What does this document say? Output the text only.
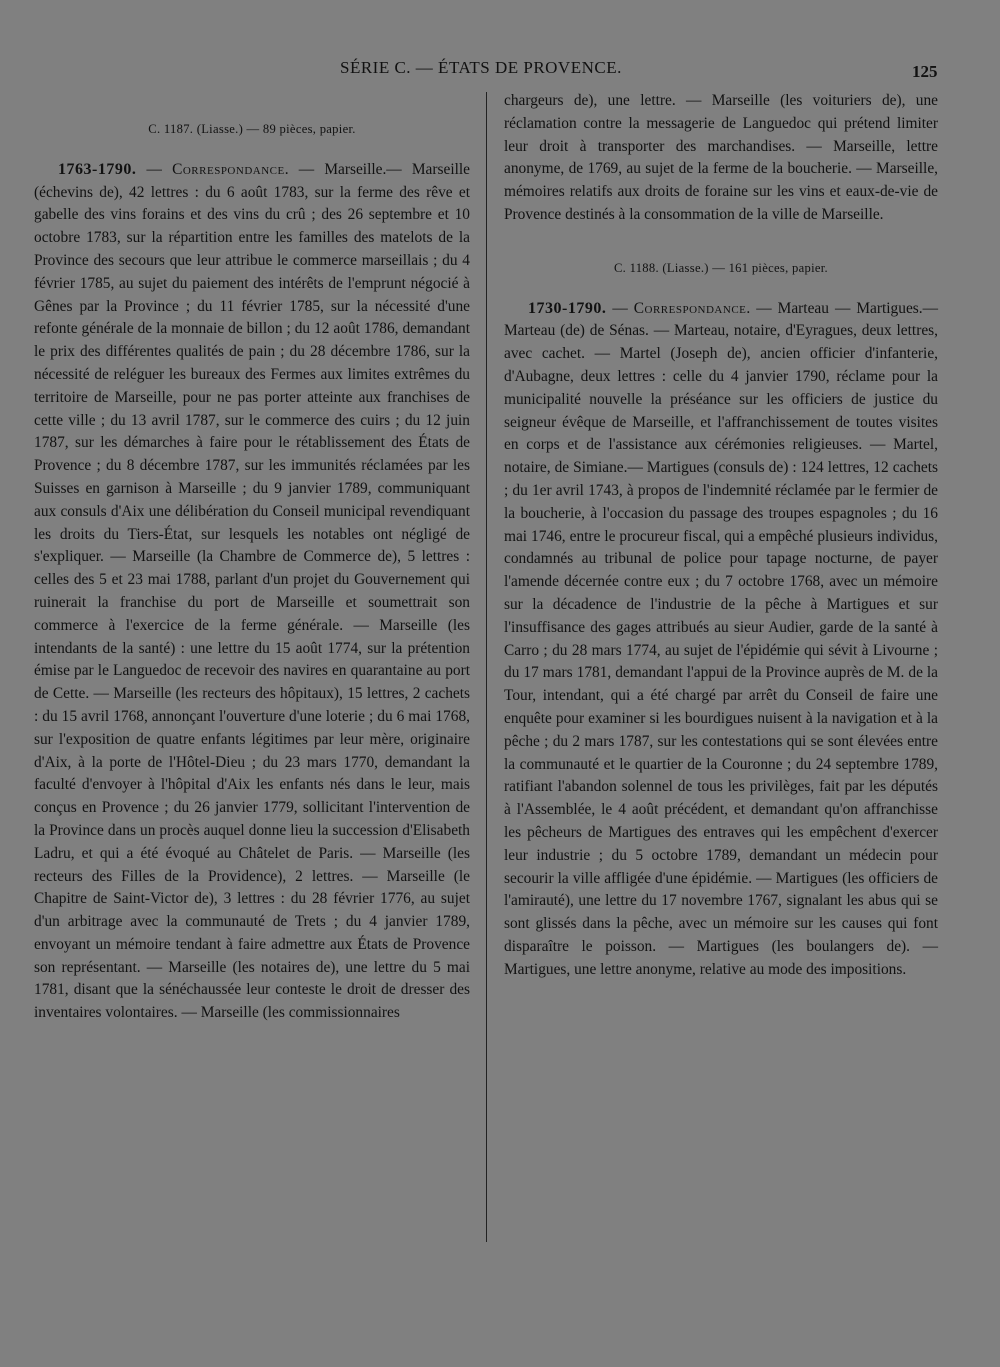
SÉRIE C. — ÉTATS DE PROVENCE.	125

C. 1187. (Liasse.) — 89 pièces, papier.

1763-1790. — Correspondance. — Marseille.— Marseille (échevins de), 42 lettres : du 6 août 1783, sur la ferme des rêve et gabelle des vins forains et des vins du crû ; des 26 septembre et 10 octobre 1783, sur la répartition entre les familles des matelots de la Province des secours que leur attribue le commerce marseillais ; du 4 février 1785, au sujet du paiement des intérêts de l'emprunt négocié à Gênes par la Province ; du 11 février 1785, sur la nécessité d'une refonte générale de la monnaie de billon ; du 12 août 1786, demandant le prix des différentes qualités de pain ; du 28 décembre 1786, sur la nécessité de reléguer les bureaux des Fermes aux limites extrêmes du territoire de Marseille, pour ne pas porter atteinte aux franchises de cette ville ; du 13 avril 1787, sur le commerce des cuirs ; du 12 juin 1787, sur les démarches à faire pour le rétablissement des États de Provence ; du 8 décembre 1787, sur les immunités réclamées par les Suisses en garnison à Marseille ; du 9 janvier 1789, communiquant aux consuls d'Aix une délibération du Conseil municipal revendiquant les droits du Tiers-État, sur lesquels les notables ont négligé de s'expliquer. — Marseille (la Chambre de Commerce de), 5 lettres : celles des 5 et 23 mai 1788, parlant d'un projet du Gouvernement qui ruinerait la franchise du port de Marseille et soumettrait son commerce à l'exercice de la ferme générale. — Marseille (les intendants de la santé) : une lettre du 15 août 1774, sur la prétention émise par le Languedoc de recevoir des navires en quarantaine au port de Cette. — Marseille (les recteurs des hôpitaux), 15 lettres, 2 cachets : du 15 avril 1768, annonçant l'ouverture d'une loterie ; du 6 mai 1768, sur l'exposition de quatre enfants légitimes par leur mère, originaire d'Aix, à la porte de l'Hôtel-Dieu ; du 23 mars 1770, demandant la faculté d'envoyer à l'hôpital d'Aix les enfants nés dans le leur, mais conçus en Provence ; du 26 janvier 1779, sollicitant l'intervention de la Province dans un procès auquel donne lieu la succession d'Elisabeth Ladru, et qui a été évoqué au Châtelet de Paris. — Marseille (les recteurs des Filles de la Providence), 2 lettres. — Marseille (le Chapitre de Saint-Victor de), 3 lettres : du 28 février 1776, au sujet d'un arbitrage avec la communauté de Trets ; du 4 janvier 1789, envoyant un mémoire tendant à faire admettre aux États de Provence son représentant. — Marseille (les notaires de), une lettre du 5 mai 1781, disant que la sénéchaussée leur conteste le droit de dresser des inventaires volontaires. — Marseille (les commissionnaires

chargeurs de), une lettre. — Marseille (les voituriers de), une réclamation contre la messagerie de Languedoc qui prétend limiter leur droit à transporter des marchandises. — Marseille, lettre anonyme, de 1769, au sujet de la ferme de la boucherie. — Marseille, mémoires relatifs aux droits de foraine sur les vins et eaux-de-vie de Provence destinés à la consommation de la ville de Marseille.

C. 1188. (Liasse.) — 161 pièces, papier.

1730-1790. — Correspondance. — Marteau — Martigues.— Marteau (de) de Sénas. — Marteau, notaire, d'Eyragues, deux lettres, avec cachet. — Martel (Joseph de), ancien officier d'infanterie, d'Aubagne, deux lettres : celle du 4 janvier 1790, réclame pour la municipalité nouvelle la préséance sur les officiers de justice du seigneur évêque de Marseille, et l'affranchissement de toutes visites en corps et de l'assistance aux cérémonies religieuses. — Martel, notaire, de Simiane.— Martigues (consuls de) : 124 lettres, 12 cachets ; du 1er avril 1743, à propos de l'indemnité réclamée par le fermier de la boucherie, à l'occasion du passage des troupes espagnoles ; du 16 mai 1746, entre le procureur fiscal, qui a empêché plusieurs individus, condamnés au tribunal de police pour tapage nocturne, de payer l'amende décernée contre eux ; du 7 octobre 1768, avec un mémoire sur la décadence de l'industrie de la pêche à Martigues et sur l'insuffisance des gages attribués au sieur Audier, garde de la santé à Carro ; du 28 mars 1774, au sujet de l'épidémie qui sévit à Livourne ; du 17 mars 1781, demandant l'appui de la Province auprès de M. de la Tour, intendant, qui a été chargé par arrêt du Conseil de faire une enquête pour examiner si les bourdigues nuisent à la navigation et à la pêche ; du 2 mars 1787, sur les contestations qui se sont élevées entre la communauté et le quartier de la Couronne ; du 24 septembre 1789, ratifiant l'abandon solennel de tous les privilèges, fait par les députés à l'Assemblée, le 4 août précédent, et demandant qu'on affranchisse les pêcheurs de Martigues des entraves qui les empêchent d'exercer leur industrie ; du 5 octobre 1789, demandant un médecin pour secourir la ville affligée d'une épidémie. — Martigues (les officiers de l'amirauté), une lettre du 17 novembre 1767, signalant les abus qui se sont glissés dans la pêche, avec un mémoire sur les causes qui font disparaître le poisson. — Martigues (les boulangers de). — Martigues, une lettre anonyme, relative au mode des impositions.
